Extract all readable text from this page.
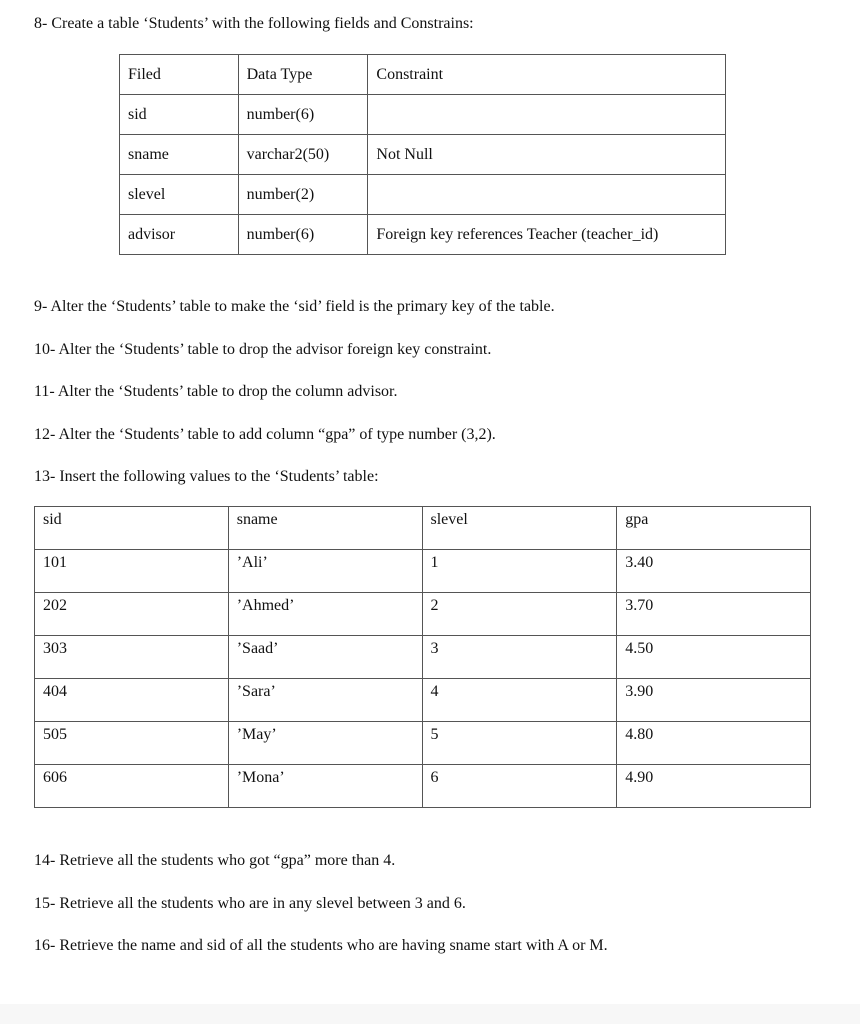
8- Create a table ‘Students’ with the following fields and Constrains:
Filed	Data Type	Constraint
sid	number(6)	
sname	varchar2(50)	Not Null
slevel	number(2)	
advisor	number(6)	Foreign key references Teacher (teacher_id)
9- Alter the ‘Students’ table to make the ‘sid’ field is the primary key of the table.
10- Alter the ‘Students’ table to drop the advisor foreign key constraint.
11- Alter the ‘Students’ table to drop the column advisor.
12- Alter the ‘Students’ table to add column “gpa” of type number (3,2).
13- Insert the following values to the ‘Students’ table:
sid	sname	slevel	gpa
101	’Ali’	1	3.40
202	’Ahmed’	2	3.70
303	’Saad’	3	4.50
404	’Sara’	4	3.90
505	’May’	5	4.80
606	’Mona’	6	4.90
14- Retrieve all the students who got “gpa” more than 4.
15- Retrieve all the students who are in any slevel between 3 and 6.
16- Retrieve the name and sid of all the students who are having sname start with A or M.
